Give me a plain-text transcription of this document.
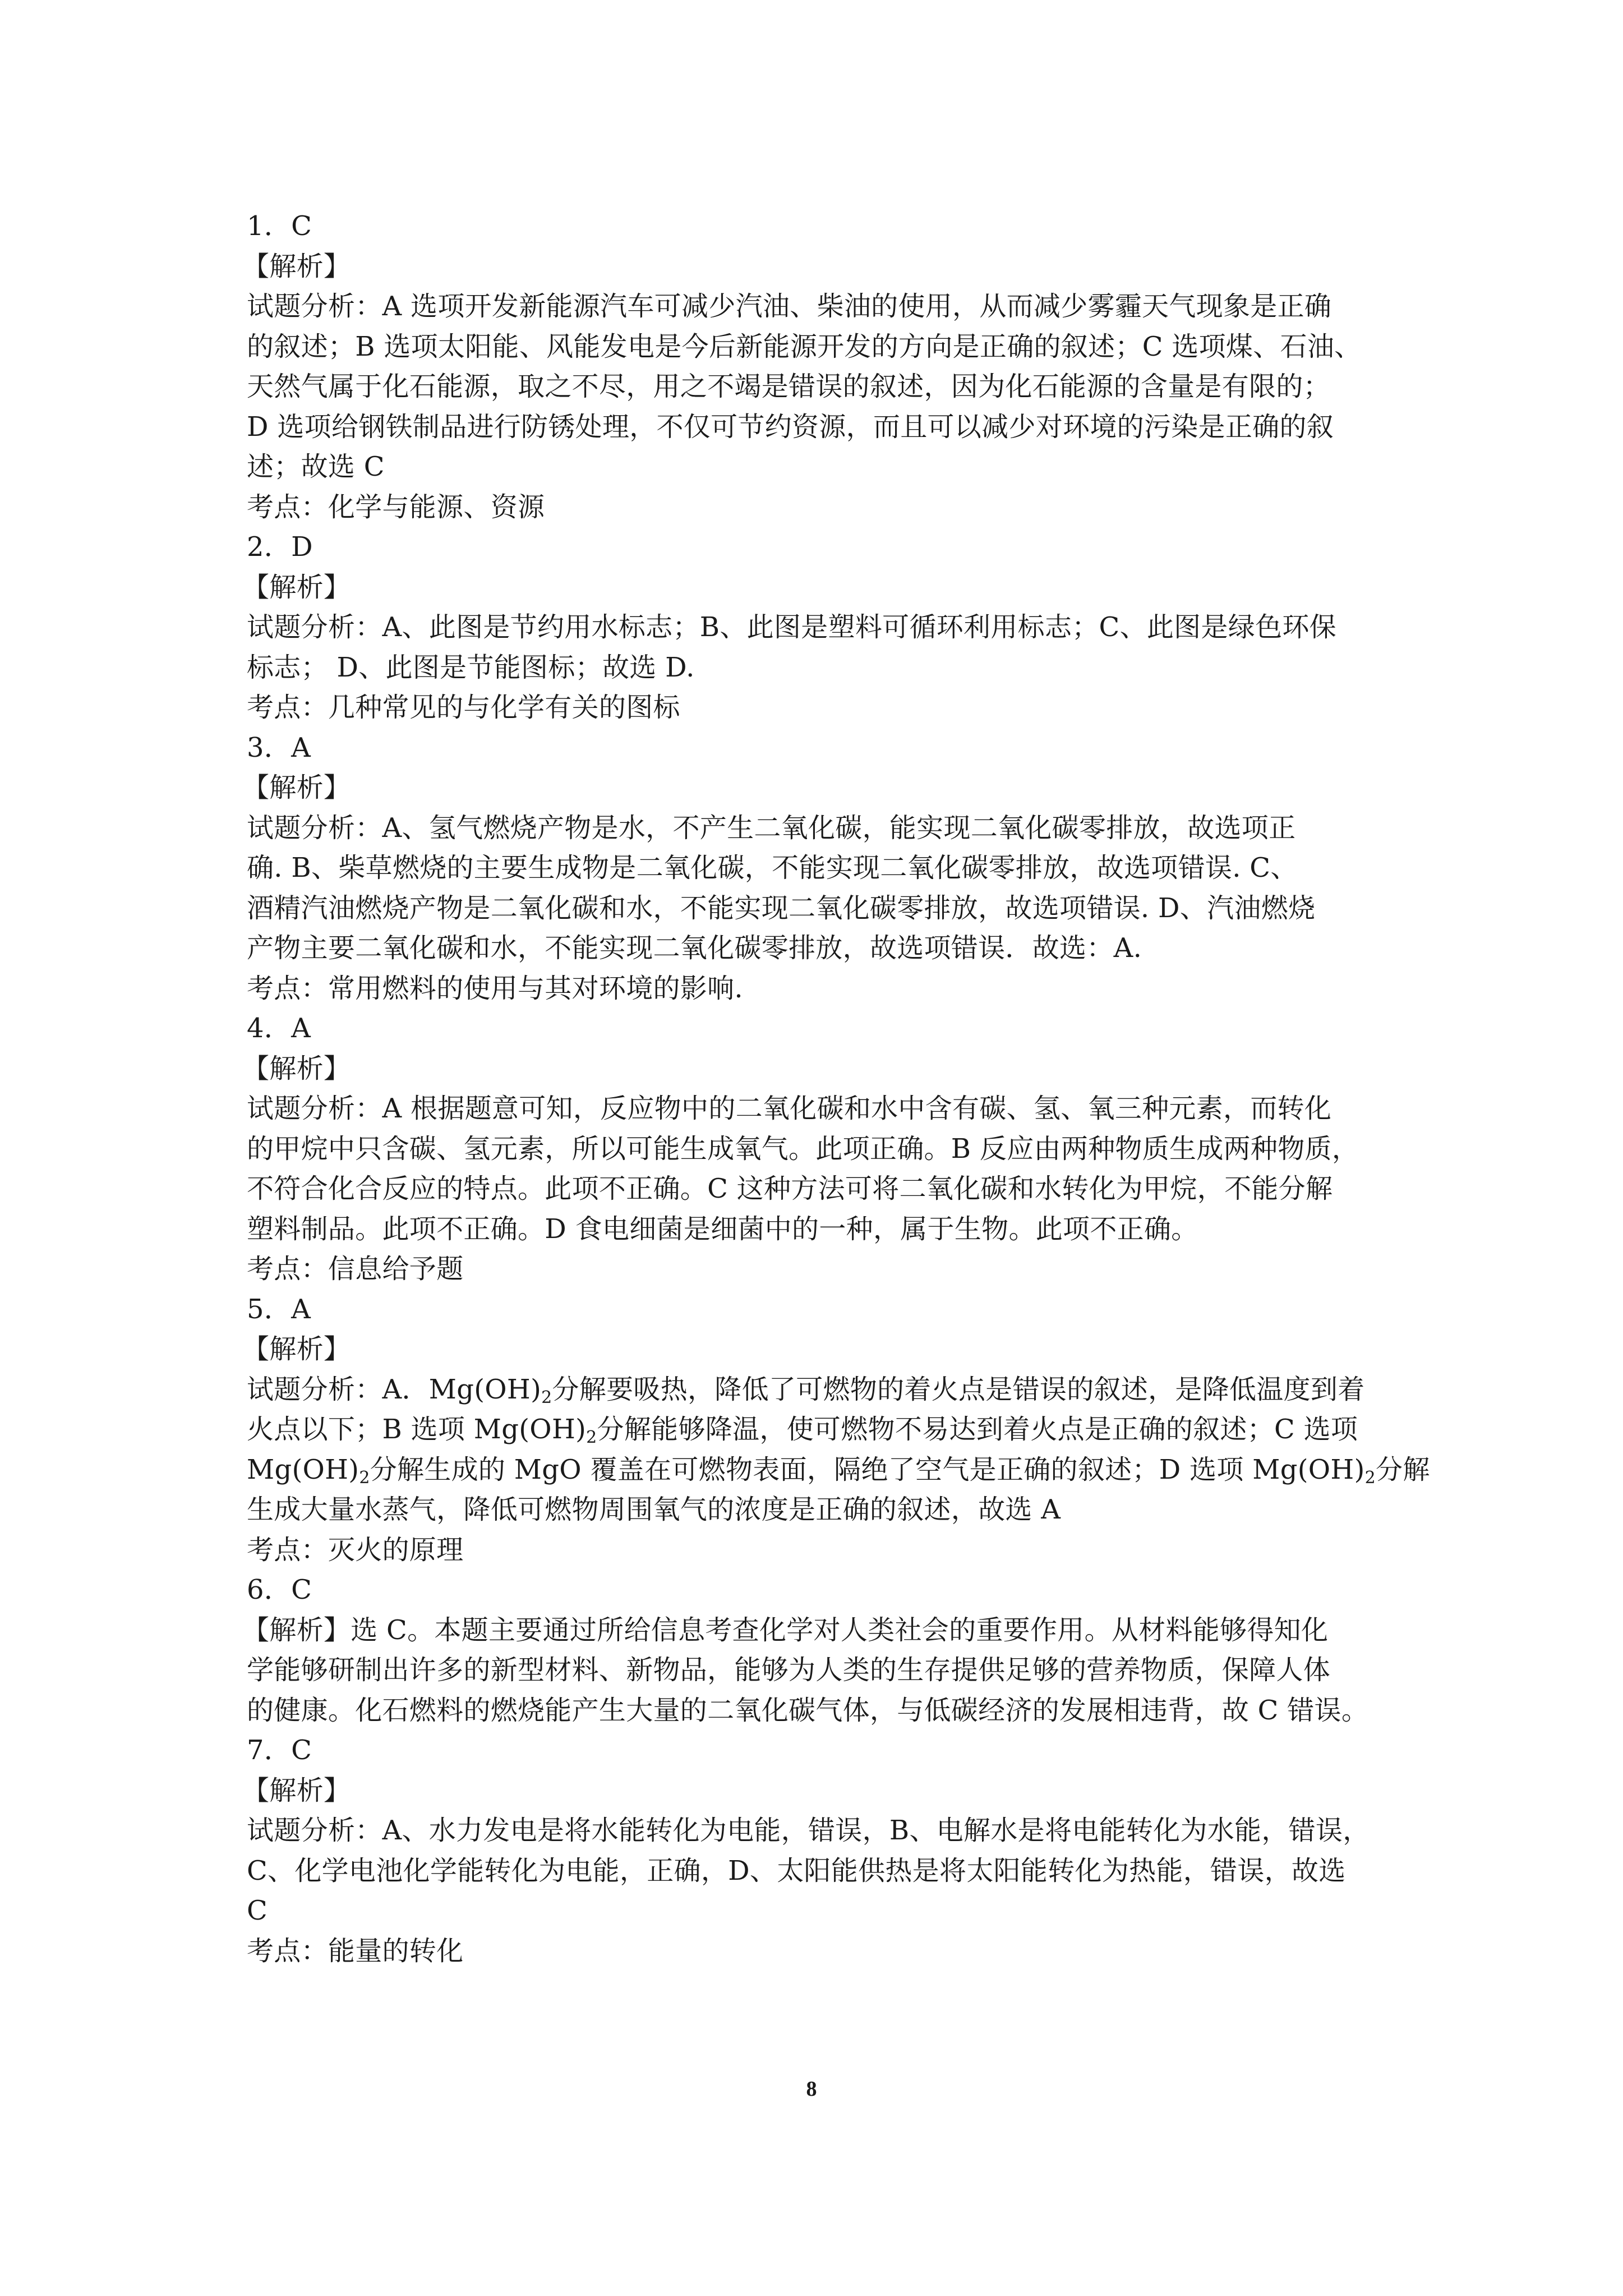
1．C
【解析】
试题分析：A 选项开发新能源汽车可减少汽油、柴油的使用，从而减少雾霾天气现象是正确
的叙述；B 选项太阳能、风能发电是今后新能源开发的方向是正确的叙述；C 选项煤、石油、
天然气属于化石能源，取之不尽，用之不竭是错误的叙述，因为化石能源的含量是有限的；
D 选项给钢铁制品进行防锈处理，不仅可节约资源，而且可以减少对环境的污染是正确的叙
述；故选 C
考点：化学与能源、资源
2．D
【解析】
试题分析：A、此图是节约用水标志；B、此图是塑料可循环利用标志；C、此图是绿色环保
标志； D、此图是节能图标；故选 D.
考点：几种常见的与化学有关的图标
3．A
【解析】
试题分析：A、氢气燃烧产物是水，不产生二氧化碳，能实现二氧化碳零排放，故选项正
确. B、柴草燃烧的主要生成物是二氧化碳，不能实现二氧化碳零排放，故选项错误. C、
酒精汽油燃烧产物是二氧化碳和水，不能实现二氧化碳零排放，故选项错误. D、汽油燃烧
产物主要二氧化碳和水，不能实现二氧化碳零排放，故选项错误．故选：A.
考点：常用燃料的使用与其对环境的影响.
4．A
【解析】
试题分析：A 根据题意可知，反应物中的二氧化碳和水中含有碳、氢、氧三种元素，而转化
的甲烷中只含碳、氢元素，所以可能生成氧气。此项正确。B 反应由两种物质生成两种物质，
不符合化合反应的特点。此项不正确。C 这种方法可将二氧化碳和水转化为甲烷，不能分解
塑料制品。此项不正确。D 食电细菌是细菌中的一种，属于生物。此项不正确。
考点：信息给予题
5．A
【解析】
试题分析：A．$Mg(OH)_2$分解要吸热，降低了可燃物的着火点是错误的叙述，是降低温度到着
火点以下；B 选项 $Mg(OH)_2$分解能够降温，使可燃物不易达到着火点是正确的叙述；C 选项
$Mg(OH)_2$分解生成的 MgO 覆盖在可燃物表面，隔绝了空气是正确的叙述；D 选项 $Mg(OH)_2$分解
生成大量水蒸气，降低可燃物周围氧气的浓度是正确的叙述，故选 A
考点：灭火的原理
6．C
【解析】选 C。本题主要通过所给信息考查化学对人类社会的重要作用。从材料能够得知化
学能够研制出许多的新型材料、新物品，能够为人类的生存提供足够的营养物质，保障人体
的健康。化石燃料的燃烧能产生大量的二氧化碳气体，与低碳经济的发展相违背，故 C 错误。
7．C
【解析】
试题分析：A、水力发电是将水能转化为电能，错误，B、电解水是将电能转化为水能，错误，
C、化学电池化学能转化为电能，正确，D、太阳能供热是将太阳能转化为热能，错误，故选
C
考点：能量的转化
8
